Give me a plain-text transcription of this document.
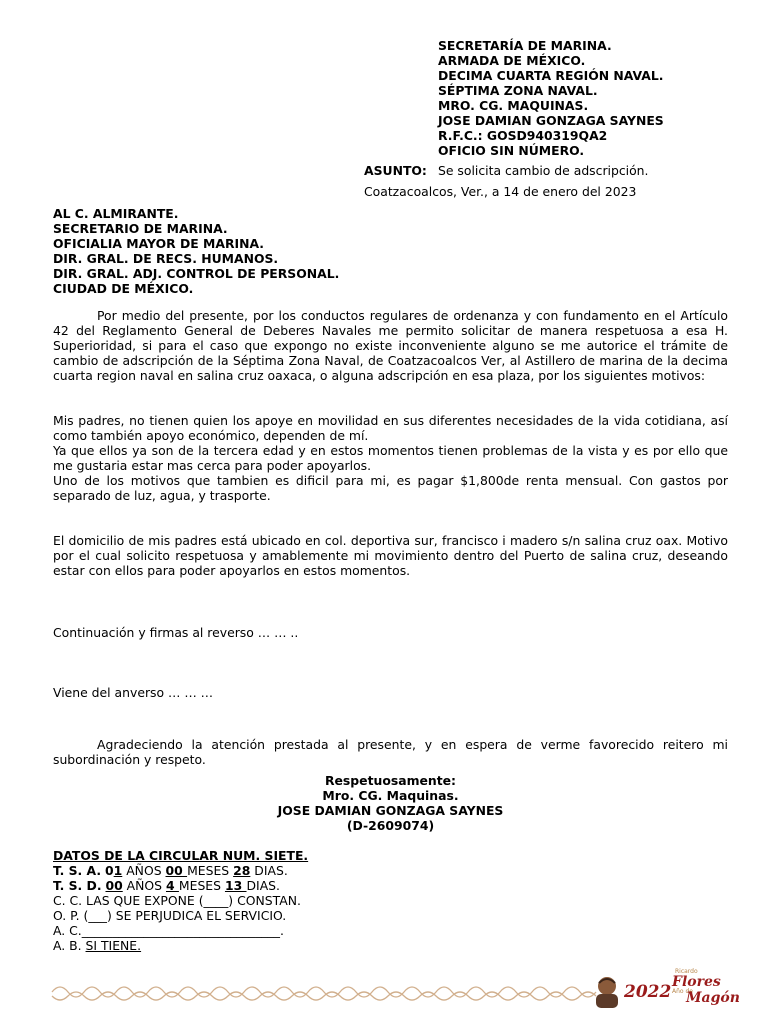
SECRETARÍA DE MARINA.
ARMADA DE MÉXICO.
DECIMA CUARTA REGIÓN NAVAL.
SÉPTIMA ZONA NAVAL.
MRO. CG. MAQUINAS.
JOSE DAMIAN GONZAGA SAYNES
R.F.C.: GOSD940319QA2
OFICIO SIN NÚMERO.
ASUNTO: Se solicita cambio de adscripción.
Coatzacoalcos, Ver., a 14 de enero del 2023
AL C. ALMIRANTE.
SECRETARIO DE MARINA.
OFICIALIA MAYOR DE MARINA.
DIR. GRAL. DE RECS. HUMANOS.
DIR. GRAL. ADJ. CONTROL DE PERSONAL.
CIUDAD DE MÉXICO.
Por medio del presente, por los conductos regulares de ordenanza y con fundamento en el Artículo 42 del Reglamento General de Deberes Navales me permito solicitar de manera respetuosa a esa H. Superioridad, si para el caso que expongo no existe inconveniente alguno se me autorice el trámite de cambio de adscripción de la Séptima Zona Naval, de Coatzacoalcos Ver, al Astillero de marina de la decima cuarta region naval en salina cruz oaxaca, o alguna adscripción en esa plaza, por los siguientes motivos:
Mis padres, no tienen quien los apoye en movilidad en sus diferentes necesidades de la vida cotidiana, así como también apoyo económico, dependen de mí.
Ya que ellos ya son de la tercera edad y en estos momentos tienen problemas de la vista y es por ello que me gustaria estar mas cerca para poder apoyarlos.
Uno de los motivos que tambien es dificil para mi, es pagar $1,800de renta mensual. Con gastos por separado de luz, agua, y trasporte.
El domicilio de mis padres está ubicado en col. deportiva sur, francisco i madero s/n salina cruz oax. Motivo por el cual solicito respetuosa y amablemente mi movimiento dentro del Puerto de salina cruz, deseando estar con ellos para poder apoyarlos en estos momentos.
Continuación y firmas al reverso … … ..
Viene del anverso … … …
Agradeciendo la atención prestada al presente, y en espera de verme favorecido reitero mi subordinación y respeto.
Respetuosamente:
Mro. CG. Maquinas.
JOSE DAMIAN GONZAGA SAYNES
(D-2609074)
DATOS DE LA CIRCULAR NUM. SIETE.
T. S. A. 01 AÑOS 00 MESES 28 DIAS.
T. S. D. 00 AÑOS 4 MESES 13 DIAS.
C. C. LAS QUE EXPONE (____) CONSTAN.
O. P. (___) SE PERJUDICA EL SERVICIO.
A. C.________________________________.
A. B. SI TIENE.
2022
Ricardo
Flores
Año de
Magón
